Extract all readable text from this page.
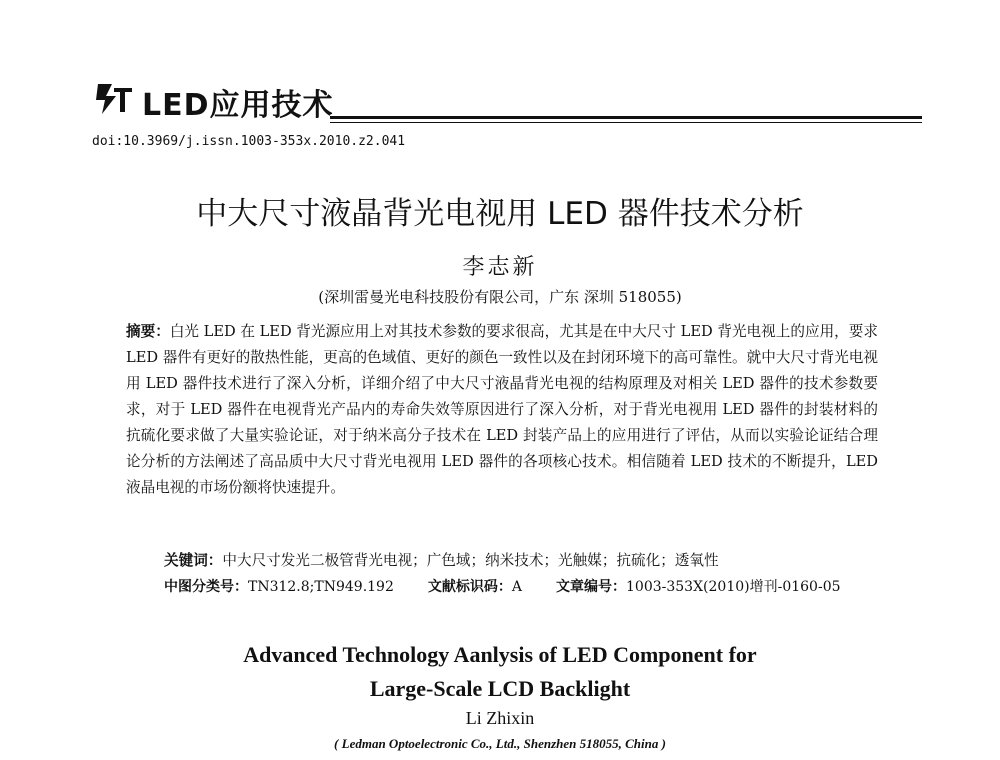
LED应用技术
doi:10.3969/j.issn.1003-353x.2010.z2.041
中大尺寸液晶背光电视用 LED 器件技术分析
李志新
(深圳雷曼光电科技股份有限公司，广东 深圳 518055)
摘要：白光 LED 在 LED 背光源应用上对其技术参数的要求很高，尤其是在中大尺寸 LED 背光电视上的应用，要求 LED 器件有更好的散热性能，更高的色域值、更好的颜色一致性以及在封闭环境下的高可靠性。就中大尺寸背光电视用 LED 器件技术进行了深入分析，详细介绍了中大尺寸液晶背光电视的结构原理及对相关 LED 器件的技术参数要求，对于 LED 器件在电视背光产品内的寿命失效等原因进行了深入分析，对于背光电视用 LED 器件的封装材料的抗硫化要求做了大量实验论证，对于纳米高分子技术在 LED 封装产品上的应用进行了评估，从而以实验论证结合理论分析的方法阐述了高品质中大尺寸背光电视用 LED 器件的各项核心技术。相信随着 LED 技术的不断提升，LED 液晶电视的市场份额将快速提升。
关键词：中大尺寸发光二极管背光电视；广色域；纳米技术；光触媒；抗硫化；透氧性
中图分类号：TN312.8;TN949.192 文献标识码：A 文章编号：1003-353X(2010)增刊-0160-05
Advanced Technology Aanlysis of LED Component for
Large-Scale LCD Backlight
Li Zhixin
( Ledman Optoelectronic Co., Ltd., Shenzhen 518055, China )
